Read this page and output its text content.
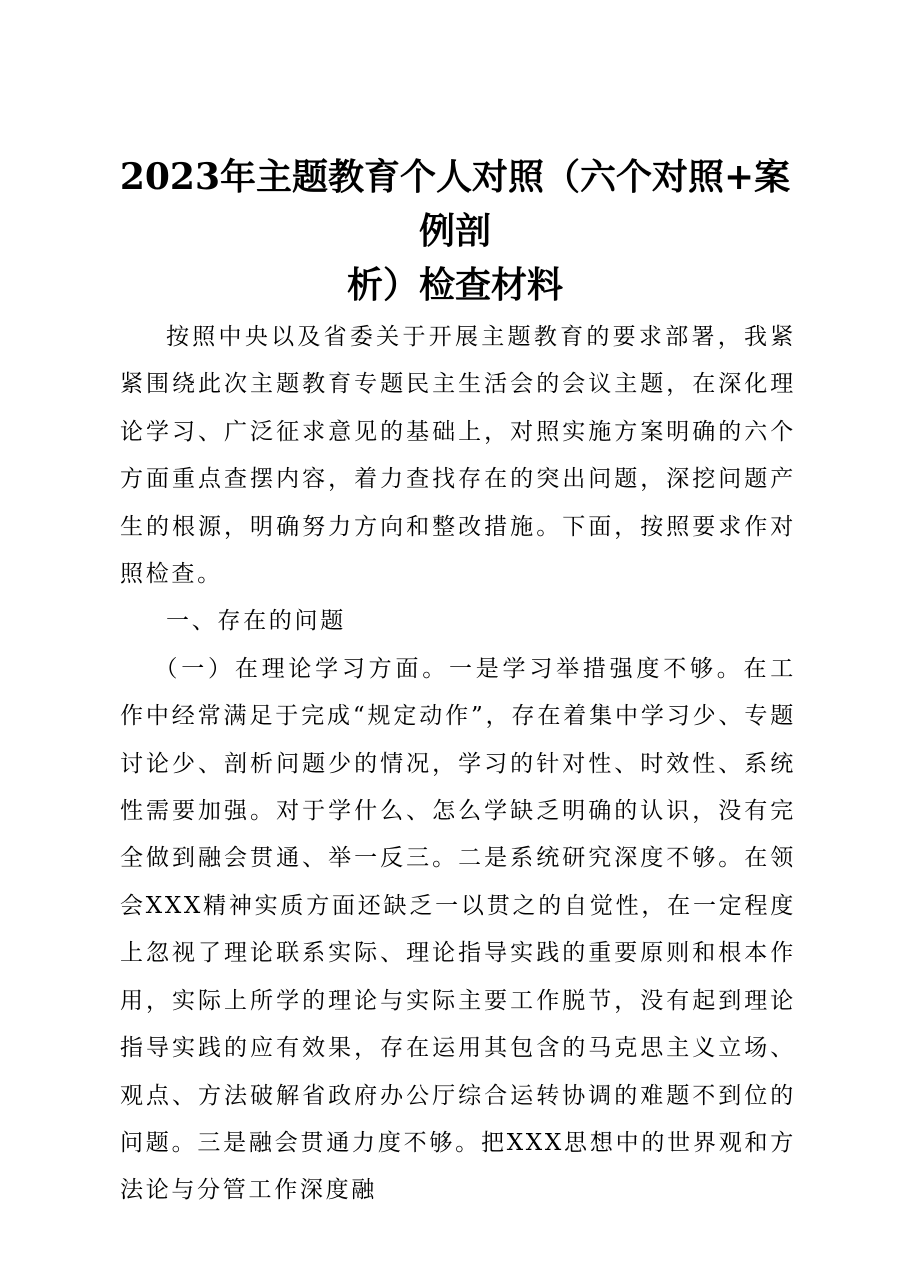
2023年主题教育个人对照（六个对照+案例剖
析）检查材料

按照中央以及省委关于开展主题教育的要求部署，我紧紧围绕此次主题教育专题民主生活会的会议主题，在深化理论学习、广泛征求意见的基础上，对照实施方案明确的六个方面重点查摆内容，着力查找存在的突出问题，深挖问题产生的根源，明确努力方向和整改措施。下面，按照要求作对照检查。

一、存在的问题

（一）在理论学习方面。一是学习举措强度不够。在工作中经常满足于完成“规定动作”，存在着集中学习少、专题讨论少、剖析问题少的情况，学习的针对性、时效性、系统性需要加强。对于学什么、怎么学缺乏明确的认识，没有完全做到融会贯通、举一反三。二是系统研究深度不够。在领会XXX精神实质方面还缺乏一以贯之的自觉性，在一定程度上忽视了理论联系实际、理论指导实践的重要原则和根本作用，实际上所学的理论与实际主要工作脱节，没有起到理论指导实践的应有效果，存在运用其包含的马克思主义立场、观点、方法破解省政府办公厅综合运转协调的难题不到位的问题。三是融会贯通力度不够。把XXX思想中的世界观和方法论与分管工作深度融
